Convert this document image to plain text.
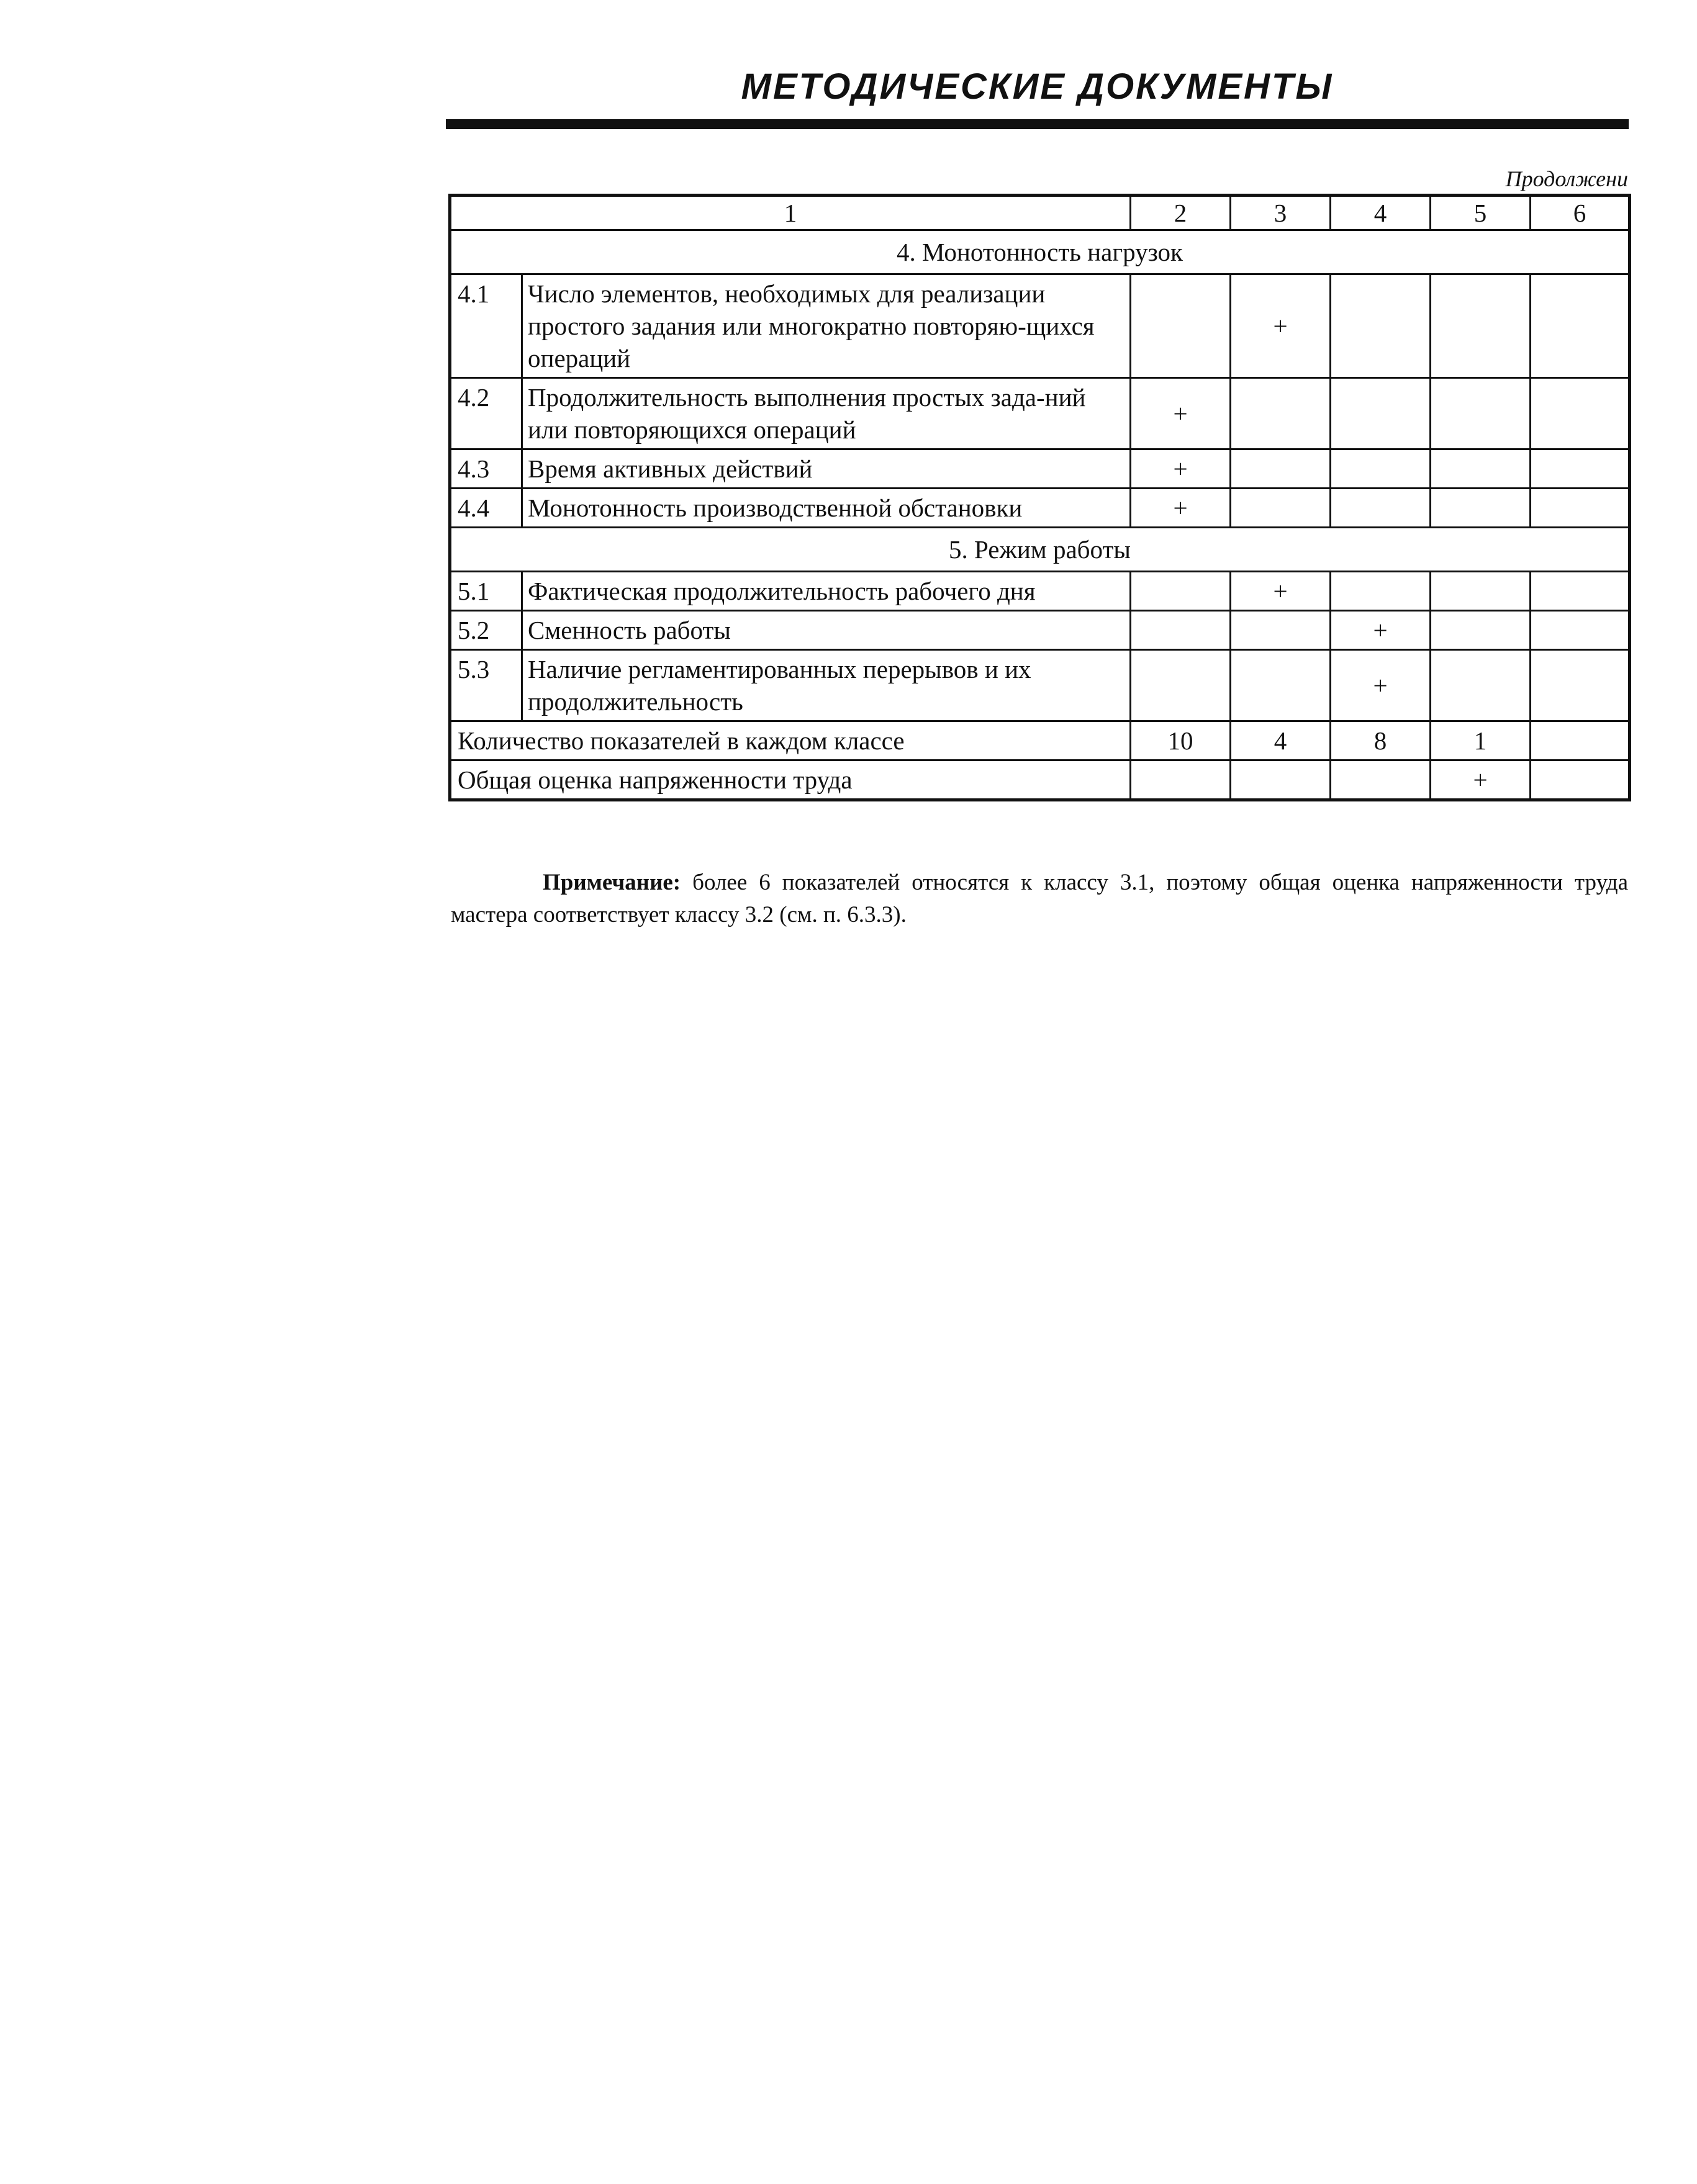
МЕТОДИЧЕСКИЕ ДОКУМЕНТЫ
Продолжени
1		2	3	4	5	6
4. Монотонность нагрузок						
4.1	Число элементов, необходимых для реализации простого задания или многократно повторяю-щихся операций		+			
4.2	Продолжительность выполнения простых зада-ний или повторяющихся операций	+				
4.3	Время активных действий	+				
4.4	Монотонность производственной обстановки	+				
5. Режим работы						
5.1	Фактическая продолжительность рабочего дня		+			
5.2	Сменность работы			+		
5.3	Наличие регламентированных перерывов и их продолжительность			+		
Количество показателей в каждом классе		10	4	8	1	
Общая оценка напряженности труда					+	
Примечание: более 6 показателей относятся к классу 3.1, поэтому общая оценка напряженности труда мастера соответствует классу 3.2 (см. п. 6.3.3).
